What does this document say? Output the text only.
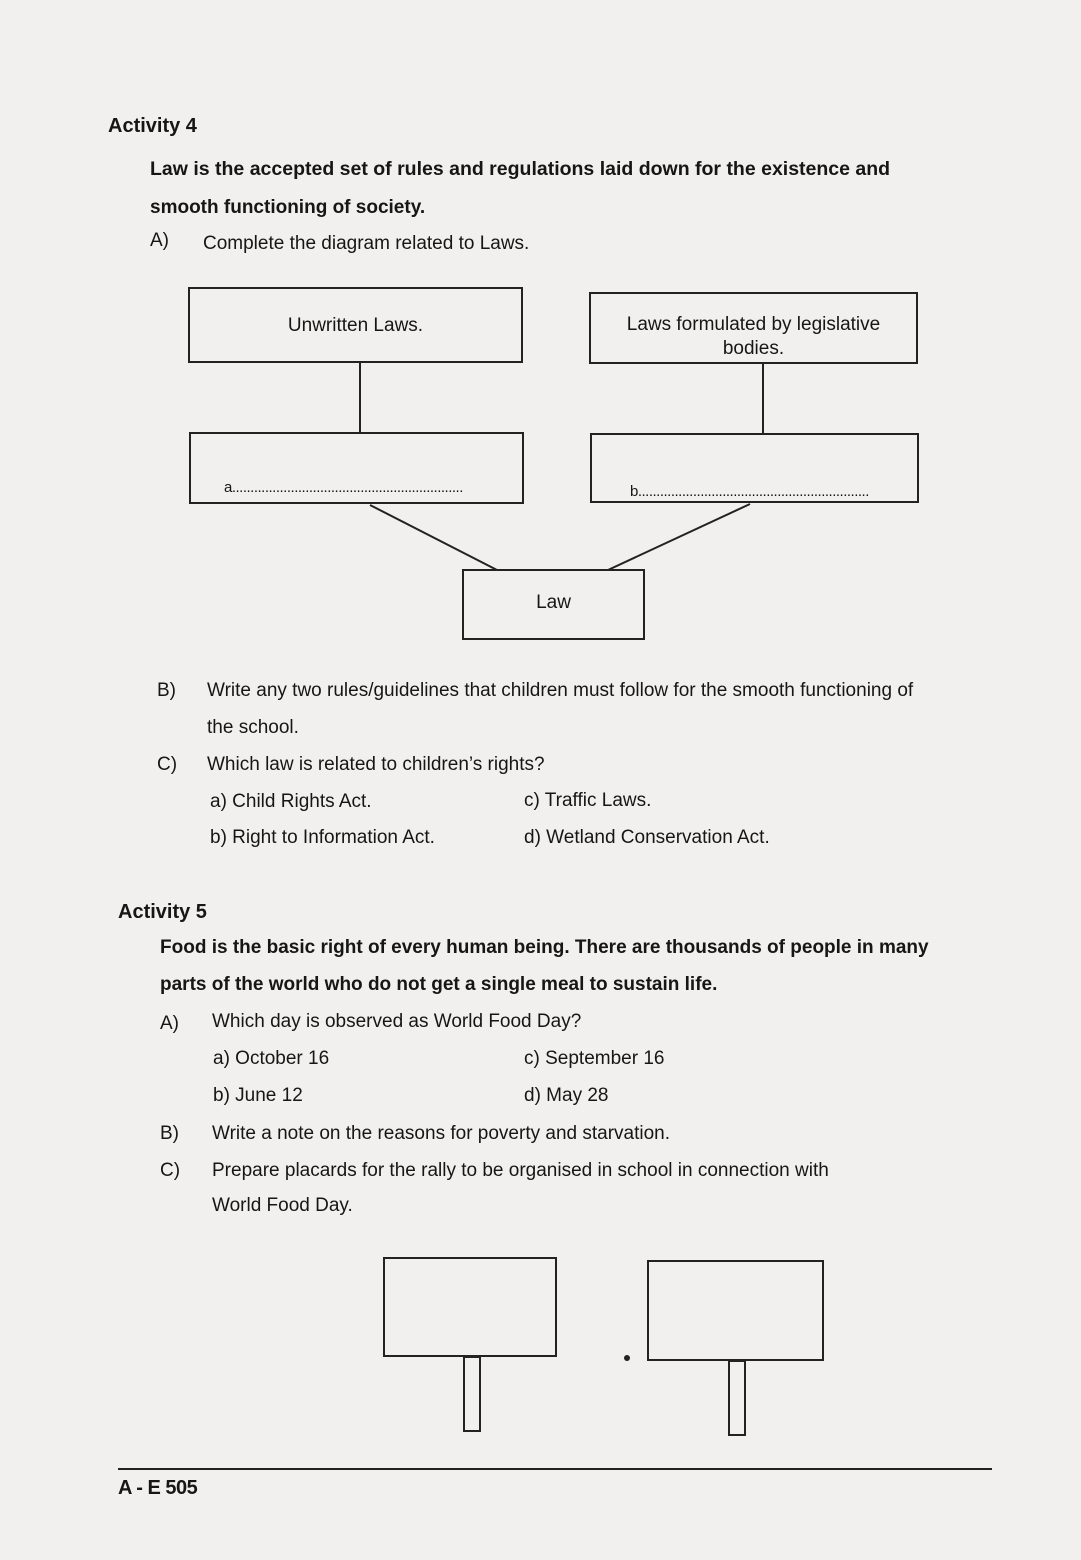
Activity 4
Law is the accepted set of rules and regulations laid down for the existence and
smooth functioning of society.
A) Complete the diagram related to Laws.
Unwritten Laws.	Laws formulated by legislative
bodies.
a...............................................................	b...............................................................
Law
B) Write any two rules/guidelines that children must follow for the smooth functioning of
the school.
C) Which law is related to children’s rights?
a) Child Rights Act.
b) Right to Information Act.
c) Traffic Laws.
d) Wetland Conservation Act.
Activity 5
Food is the basic right of every human being. There are thousands of people in many
parts of the world who do not get a single meal to sustain life.
A) Which day is observed as World Food Day?
a) October 16
b) June 12
c) September 16
d) May 28
B) Write a note on the reasons for poverty and starvation.
C) Prepare placards for the rally to be organised in school in connection with
World Food Day.
A - E 505
